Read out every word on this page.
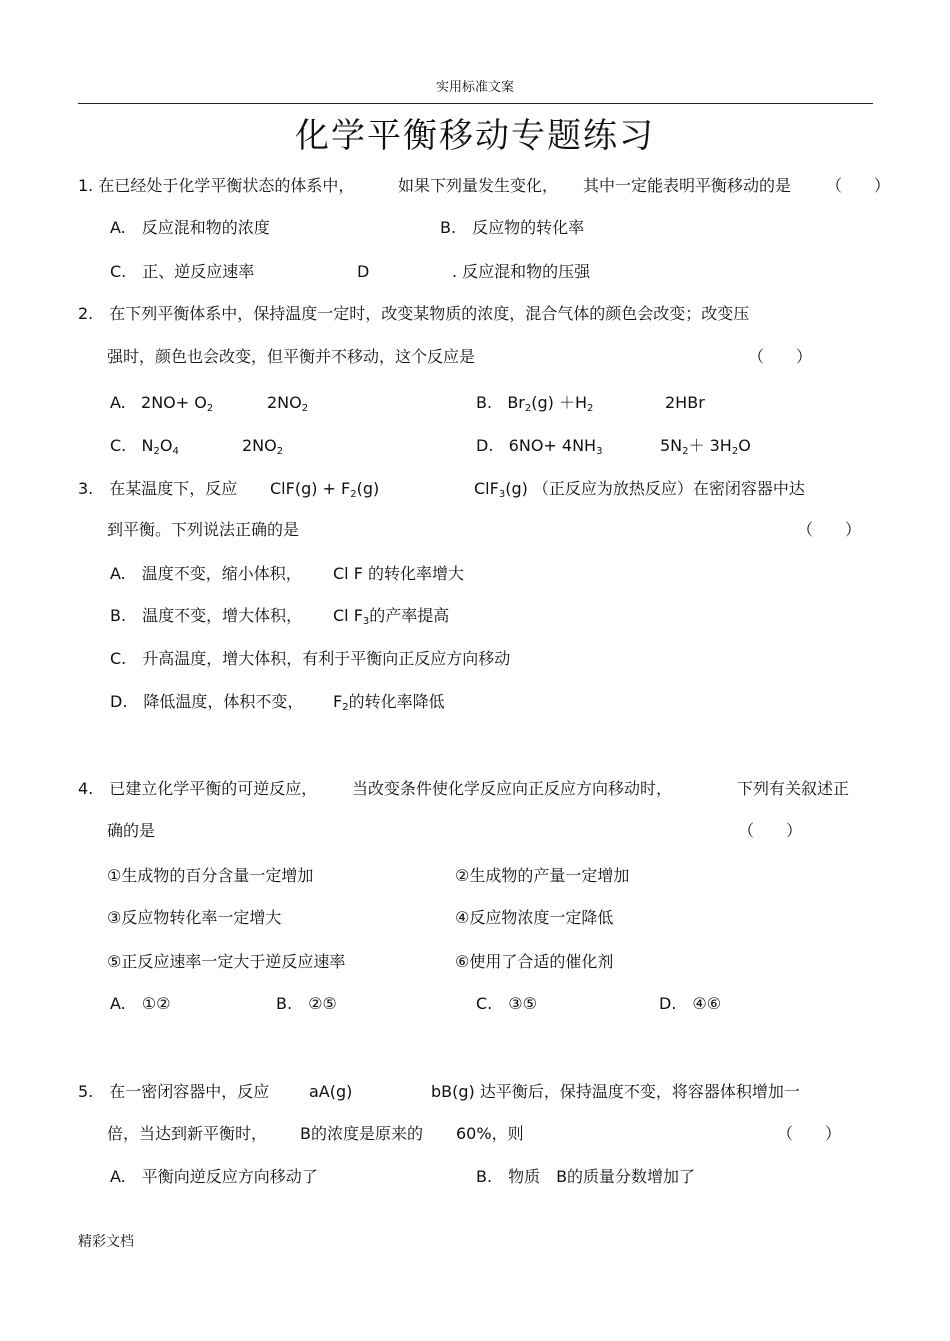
实用标准文案
化学平衡移动专题练习
1. 在已经处于化学平衡状态的体系中，	如果下列量发生变化， 其中一定能表明平衡移动的是 （　　）
A.　反应混和物的浓度	B.　反应物的转化率
C.　正、逆反应速率	D	. 反应混和物的压强
2.　在下列平衡体系中，保持温度一定时，改变某物质的浓度，混合气体的颜色会改变；改变压
强时，颜色也会改变，但平衡并不移动，这个反应是	（　　）
A. $2NO+ O_2$	$2NO_2$	B. $Br_2(g) +H_2$	2HBr
C. $N_2O_4$	$2NO_2$	D. $6NO+ 4NH_3$	$5N_2+ 3H_2O$
3.　在某温度下，反应 $ClF(g) + F_2(g)$	ClF$_3$(g) （正反应为放热反应）在密闭容器中达
到平衡。下列说法正确的是	（　　）
A.　温度不变，缩小体积， Cl F 的转化率增大
B.　温度不变，增大体积， Cl $F_3$的产率提高
C.　升高温度，增大体积，有利于平衡向正反应方向移动
D.　降低温度，体积不变， $F_2$的转化率降低
4.　已建立化学平衡的可逆反应， 当改变条件使化学反应向正反应方向移动时，	下列有关叙述正
确的是	（　　）
①生成物的百分含量一定增加	②生成物的产量一定增加
③反应物转化率一定增大	④反应物浓度一定降低
⑤正反应速率一定大于逆反应速率	⑥使用了合适的催化剂
A.　①②	B.　②⑤	C.　③⑤	D.　④⑥
5.　在一密闭容器中，反应 aA(g)	bB(g) 达平衡后，保持温度不变，将容器体积增加一
倍，当达到新平衡时， B的浓度是原来的 60%，则	（　　）
A.　平衡向逆反应方向移动了	B.　物质　B的质量分数增加了
精彩文档
